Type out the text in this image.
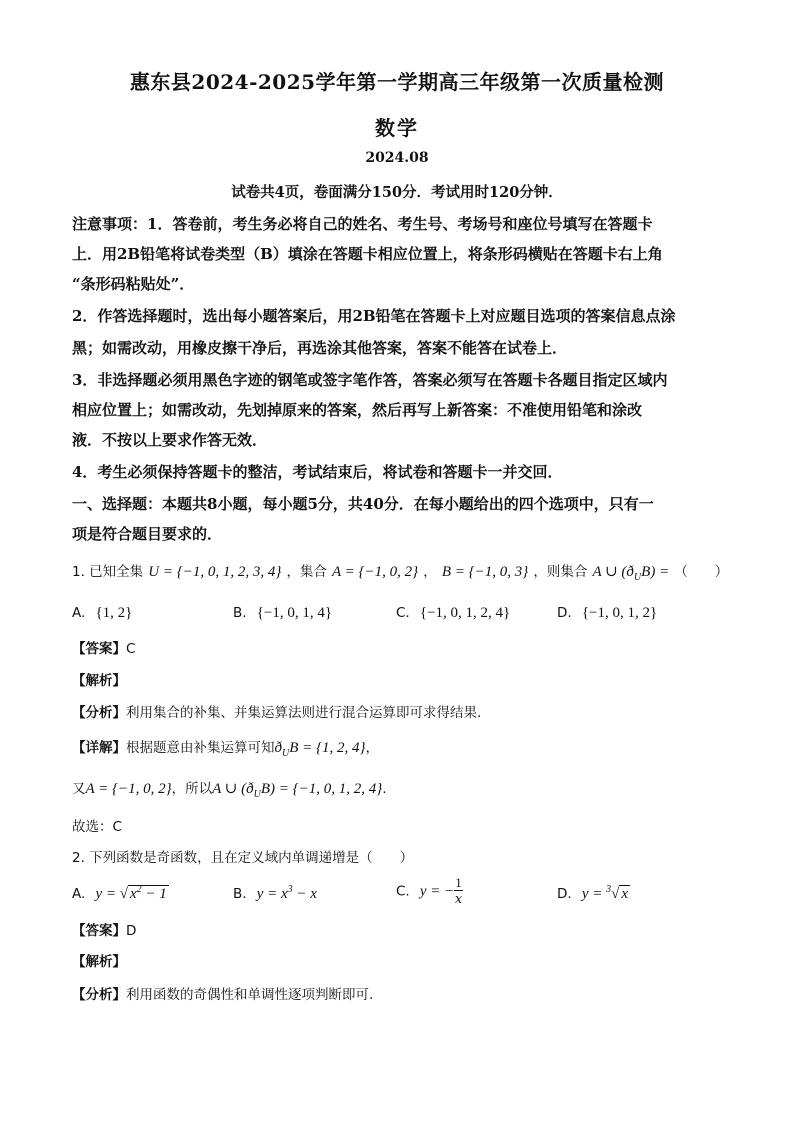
惠东县2024-2025学年第一学期高三年级第一次质量检测
数学
2024.08
试卷共4页，卷面满分150分．考试用时120分钟．
注意事项：1．答卷前，考生务必将自己的姓名、考生号、考场号和座位号填写在答题卡
上．用2B铅笔将试卷类型（B）填涂在答题卡相应位置上，将条形码横贴在答题卡右上角
“条形码粘贴处”．
2．作答选择题时，选出每小题答案后，用2B铅笔在答题卡上对应题目选项的答案信息点涂
黑；如需改动，用橡皮擦干净后，再选涂其他答案，答案不能答在试卷上．
3．非选择题必须用黑色字迹的钢笔或签字笔作答，答案必须写在答题卡各题目指定区域内
相应位置上；如需改动，先划掉原来的答案，然后再写上新答案：不准使用铅笔和涂改
液．不按以上要求作答无效．
4．考生必须保持答题卡的整洁，考试结束后，将试卷和答题卡一并交回．
一、选择题：本题共8小题，每小题5分，共40分．在每小题给出的四个选项中，只有一
项是符合题目要求的．
1. 已知全集 U = {−1, 0, 1, 2, 3, 4} ，集合 A = {−1, 0, 2} ， B = {−1, 0, 3} ，则集合 A ∪ $(ð_UB)$ = （　　）
A. {1, 2}	B. {−1, 0, 1, 4}	C. {−1, 0, 1, 2, 4}	D. {−1, 0, 1, 2}
【答案】C
【解析】
【分析】利用集合的补集、并集运算法则进行混合运算即可求得结果.
【详解】根据题意由补集运算可知$ð_UB = \{1$, 2, 4}，
又A = {−1, 0, 2}，所以A ∪ $(ð_UB) = \{-1$, 0, 1, 2, 4}.
故选：C
2. 下列函数是奇函数，且在定义域内单调递增是（　　）
A. y = √ $x^2 - 1$	B. $y = x^3 - x$	C. y = − $\frac{1}{x}$	D. y = $^3$√ x
【答案】D
【解析】
【分析】利用函数的奇偶性和单调性逐项判断即可.
